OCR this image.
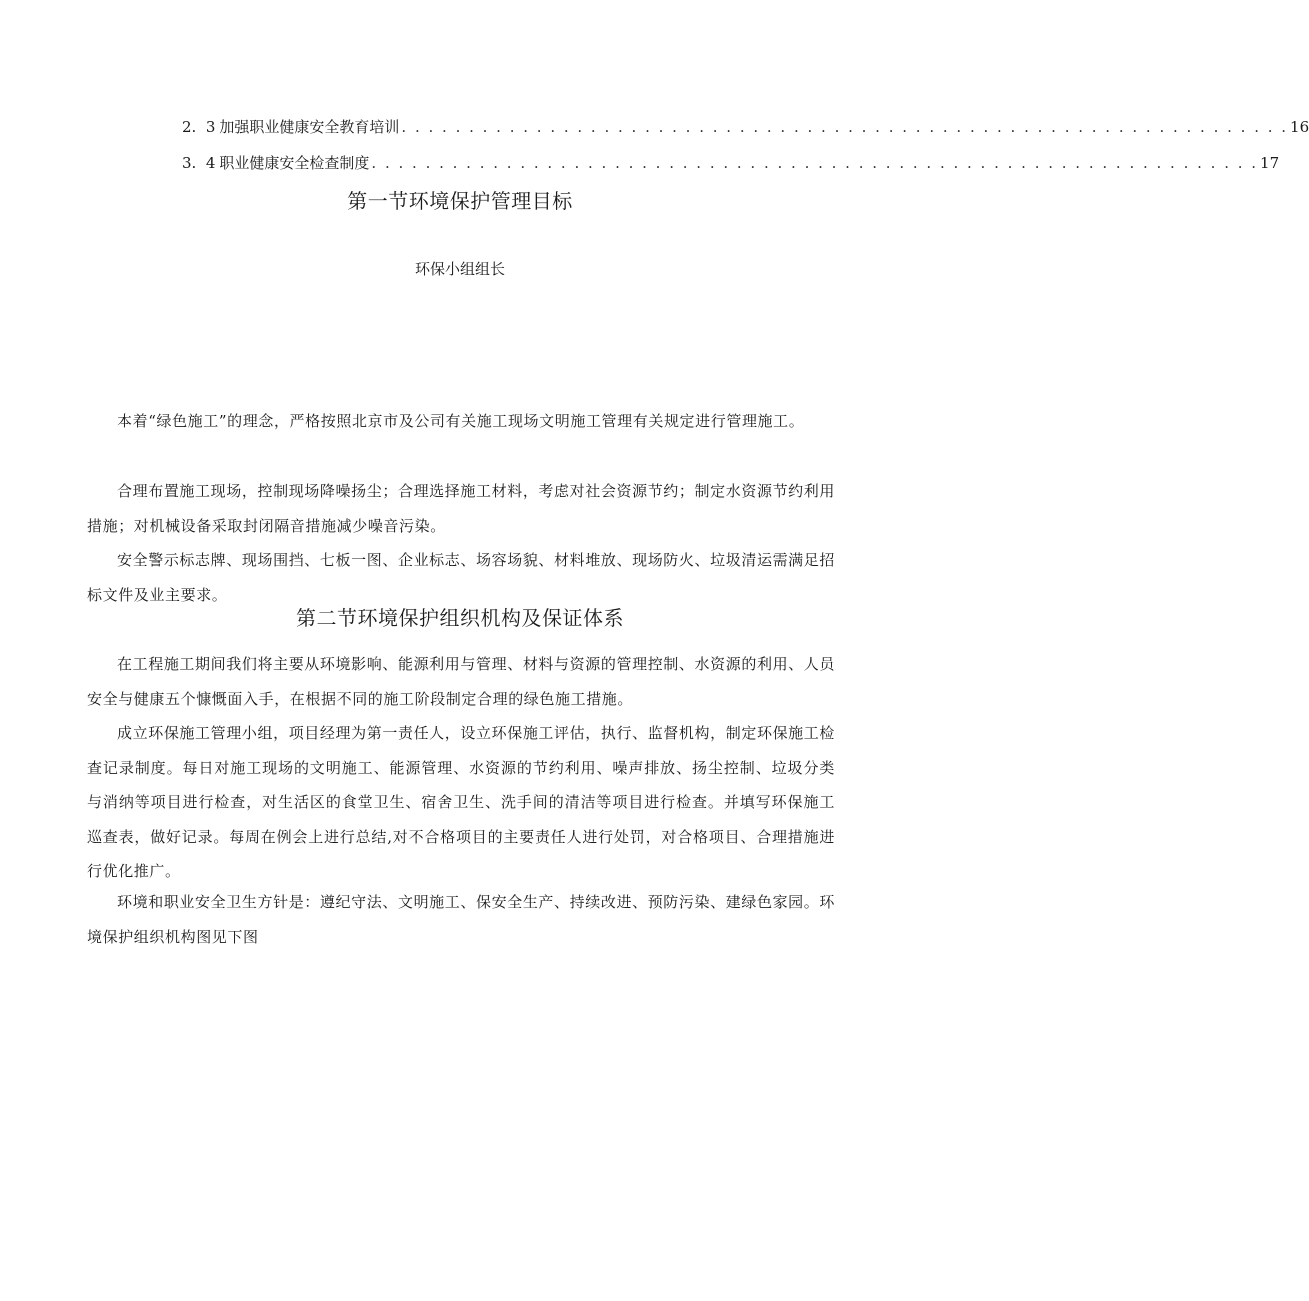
2.  3 加强职业健康安全教育培训 . . . . . . . . . . . . . . . . . . . . . . . . . . . . . . . . . . . . . . . . . . . . . . . . . . . . . . . . . . . . . . . . . . 16
3.  4 职业健康安全检查制度 . . . . . . . . . . . . . . . . . . . . . . . . . . . . . . . . . . . . . . . . . . . . . . . . . . . . . . . . . . . . . . . . . . 17
第一节环境保护管理目标
环保小组组长

本着“绿色施工”的理念，严格按照北京市及公司有关施工现场文明施工管理有关规定进行管理施工。

合理布置施工现场，控制现场降噪扬尘；合理选择施工材料，考虑对社会资源节约；制定水资源节约利用措施；对机械设备采取封闭隔音措施减少噪音污染。

安全警示标志牌、现场围挡、七板一图、企业标志、场容场貌、材料堆放、现场防火、垃圾清运需满足招标文件及业主要求。

第二节环境保护组织机构及保证体系

在工程施工期间我们将主要从环境影响、能源利用与管理、材料与资源的管理控制、水资源的利用、人员安全与健康五个慷慨面入手，在根据不同的施工阶段制定合理的绿色施工措施。

成立环保施工管理小组，项目经理为第一责任人，设立环保施工评估，执行、监督机构，制定环保施工检查记录制度。每日对施工现场的文明施工、能源管理、水资源的节约利用、噪声排放、扬尘控制、垃圾分类与消纳等项目进行检查，对生活区的食堂卫生、宿舍卫生、洗手间的清洁等项目进行检查。并填写环保施工巡查表，做好记录。每周在例会上进行总结,对不合格项目的主要责任人进行处罚，对合格项目、合理措施进行优化推广。

环境和职业安全卫生方针是：遵纪守法、文明施工、保安全生产、持续改进、预防污染、建绿色家园。环境保护组织机构图见下图
